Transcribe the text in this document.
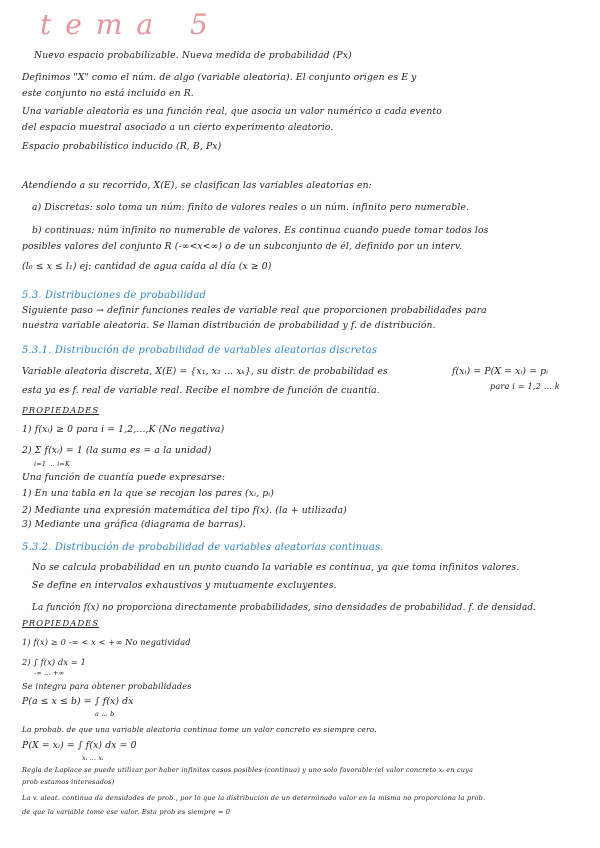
tema 5
Nuevo espacio probabilizable. Nueva medida de probabilidad (Px)
Definimos "X" como el núm. de algo (variable aleatoria). El conjunto origen es E y
este conjunto no está incluido en R.
Una variable aleatoria es una función real, que asocia un valor numérico a cada evento
del espacio muestral asociado a un cierto experimento aleatorio.
Espacio probabilístico inducido (R, B, Px)
Atendiendo a su recorrido, X(E), se clasifican las variables aleatorias en:
a) Discretas: solo toma un núm. finito de valores reales o un núm. infinito pero numerable.
b) continuas: núm infinito no numerable de valores. Es continua cuando puede tomar todos los
posibles valores del conjunto R (-∞<x<∞) o de un subconjunto de él, definido por un interv.
(l₀ ≤ x ≤ l₁) ej: cantidad de agua caída al día (x ≥ 0)
5.3. Distribuciones de probabilidad
Siguiente paso → definir funciones reales de variable real que proporcionen probabilidades para
nuestra variable aleatoria. Se llaman distribución de probabilidad y f. de distribución.
5.3.1. Distribución de probabilidad de variables aleatorias discretas
Variable aleatoria discreta, X(E) = {x₁, x₂ ... xₖ}, su distr. de probabilidad es	f(xᵢ) = P(X = xᵢ) = pᵢ
esta ya es f. real de variable real. Recibe el nombre de función de cuantía.	para i = 1,2 ... k
PROPIEDADES
1) f(xᵢ) ≥ 0 para i = 1,2,...,K (No negativa)
2) Σ f(xᵢ) = 1 (la suma es = a la unidad)
i=1 … i=K
Una función de cuantía puede expresarse:
1) En una tabla en la que se recojan los pares (xᵢ, pᵢ)
2) Mediante una expresión matemática del tipo f(x). (la + utilizada)
3) Mediante una gráfica (diagrama de barras).
5.3.2. Distribución de probabilidad de variables aleatorias continuas.
No se calcula probabilidad en un punto cuando la variable es continua, ya que toma infinitos valores.
Se define en intervalos exhaustivos y mutuamente excluyentes.
La función f(x) no proporciona directamente probabilidades, sino densidades de probabilidad. f. de densidad.
PROPIEDADES
1) f(x) ≥ 0 -∞ < x < +∞ No negatividad
2) ∫ f(x) dx = 1
-∞ … +∞
Se integra para obtener probabilidades
P(a ≤ x ≤ b) = ∫ f(x) dx
a … b
La probab. de que una variable aleatoria continua tome un valor concreto es siempre cero.
P(X = xᵢ) = ∫ f(x) dx = 0
xᵢ … xᵢ
Regla de Laplace se puede utilizar por haber infinitos casos posibles (continua) y uno solo favorable (el valor concreto xᵢ en cuya
prob estamos interesados)
La v. aleat. continua da densidades de prob., por lo que la distribución de un determinado valor en la misma no proporciona la prob.
de que la variable tome ese valor. Esta prob es siempre = 0
